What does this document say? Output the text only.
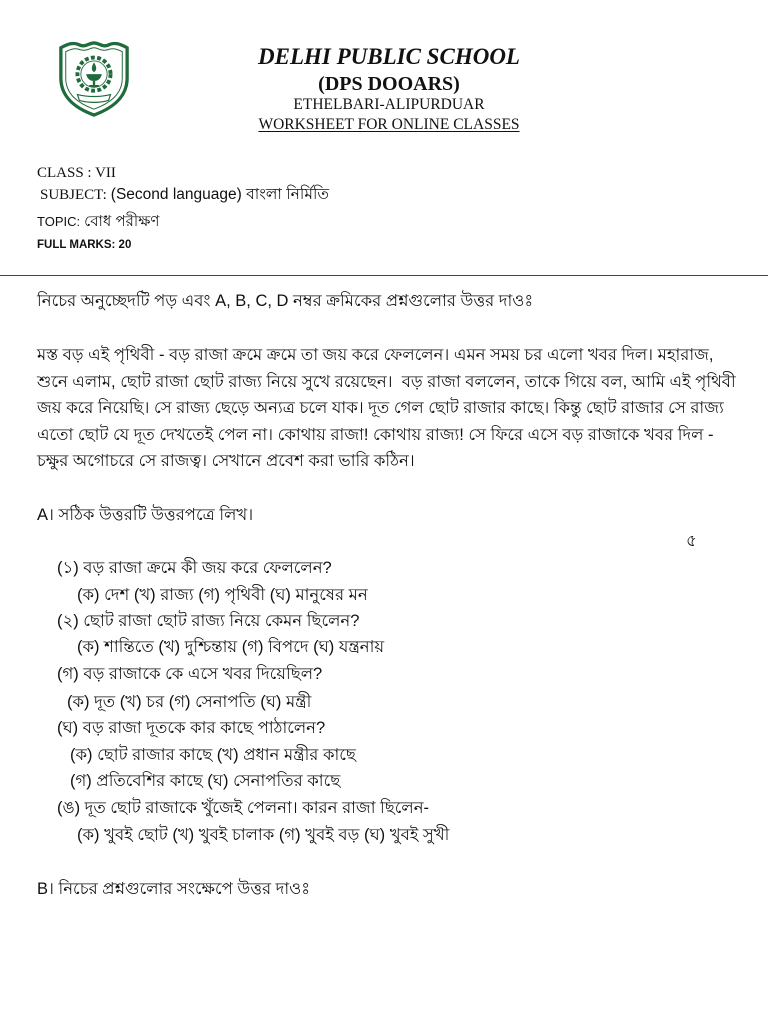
DELHI PUBLIC SCHOOL
(DPS DOOARS)
ETHELBARI-ALIPURDUAR
WORKSHEET FOR ONLINE CLASSES
CLASS : VII
SUBJECT: (Second language) বাংলা নির্মিতি
TOPIC: বোধ পরীক্ষণ
FULL MARKS: 20
নিচের অনুচ্ছেদটি পড় এবং A, B, C, D নম্বর ক্রমিকের প্রশ্নগুলোর উত্তর দাওঃ
মস্ত বড় এই পৃথিবী - বড় রাজা ক্রমে ক্রমে তা জয় করে ফেললেন। এমন সময় চর এলো খবর দিল। মহারাজ,
শুনে এলাম, ছোট রাজা ছোট রাজ্য নিয়ে সুখে রয়েছেন।  বড় রাজা বললেন, তাকে গিয়ে বল, আমি এই পৃথিবী
জয় করে নিয়েছি। সে রাজ্য ছেড়ে অন্যত্র চলে যাক। দূত গেল ছোট রাজার কাছে। কিন্তু ছোট রাজার সে রাজ্য
এতো ছোট যে দূত দেখতেই পেল না। কোথায় রাজা! কোথায় রাজ্য! সে ফিরে এসে বড় রাজাকে খবর দিল -
চক্ষুর অগোচরে সে রাজত্ব। সেখানে প্রবেশ করা ভারি কঠিন।
A। সঠিক উত্তরটি উত্তরপত্রে লিখ।
৫
(১) বড় রাজা ক্রমে কী জয় করে ফেললেন?
(ক) দেশ (খ) রাজ্য (গ) পৃথিবী (ঘ) মানুষের মন
(২) ছোট রাজা ছোট রাজ্য নিয়ে কেমন ছিলেন?
(ক) শান্তিতে (খ) দুশ্চিন্তায় (গ) বিপদে (ঘ) যন্ত্রনায়
(গ) বড় রাজাকে কে এসে খবর দিয়েছিল?
(ক) দূত (খ) চর (গ) সেনাপতি (ঘ) মন্ত্রী
(ঘ) বড় রাজা দূতকে কার কাছে পাঠালেন?
(ক) ছোট রাজার কাছে (খ) প্রধান মন্ত্রীর কাছে
(গ) প্রতিবেশির কাছে (ঘ) সেনাপতির কাছে
(ঙ) দূত ছোট রাজাকে খুঁজেই পেলনা। কারন রাজা ছিলেন-
(ক) খুবই ছোট (খ) খুবই চালাক (গ) খুবই বড় (ঘ) খুবই সুখী
B। নিচের প্রশ্নগুলোর সংক্ষেপে উত্তর দাওঃ
